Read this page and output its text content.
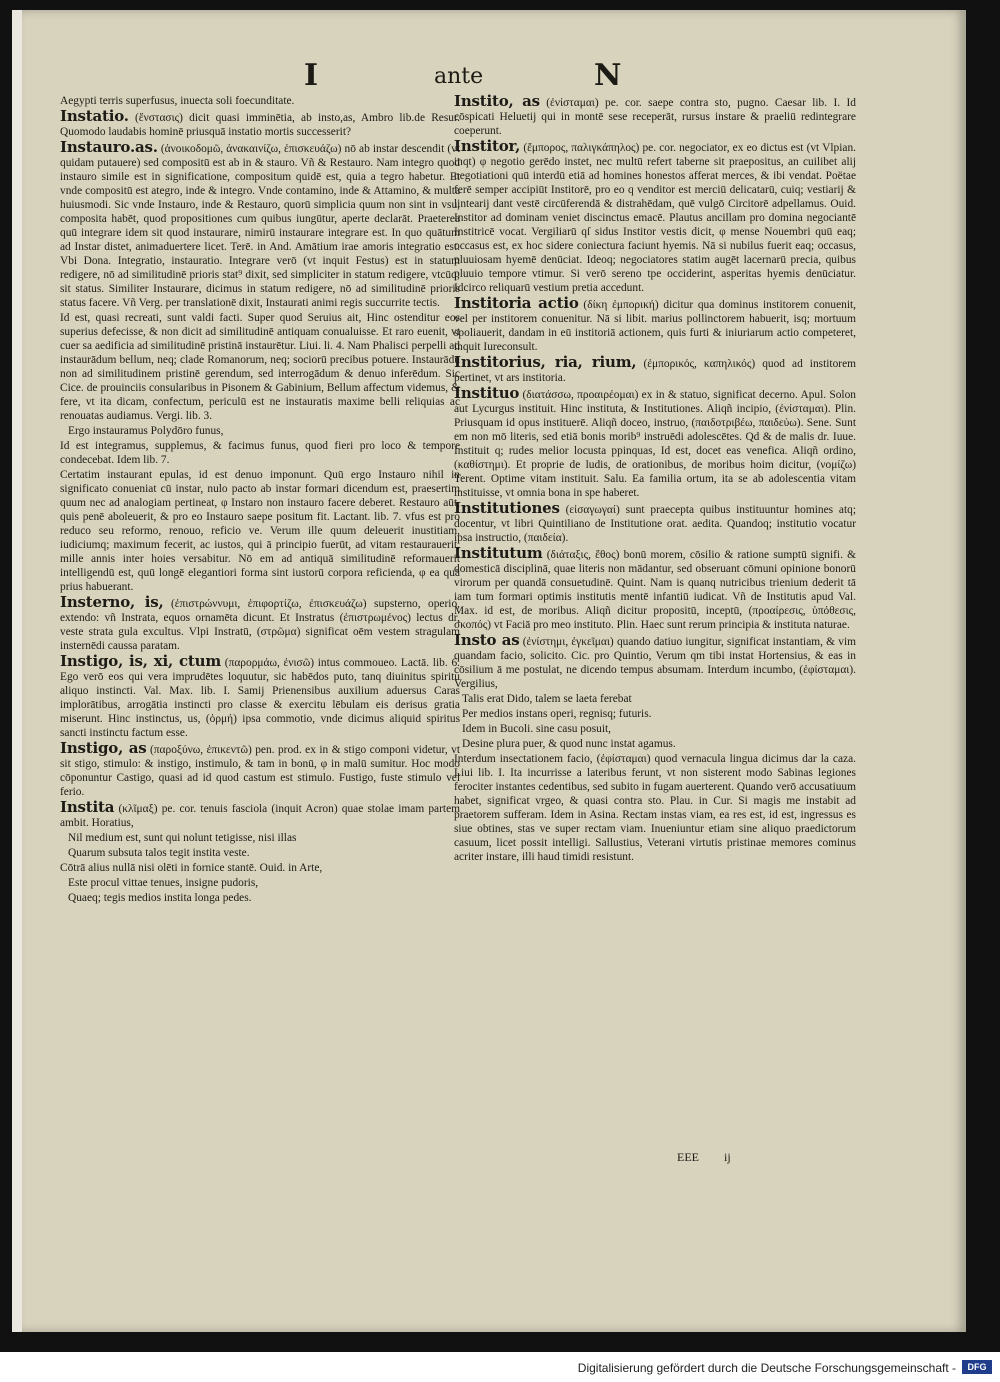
I	ante	N

Aegypti terris superfusus, inuecta soli foecunditate.

Instatio. (ἔνστασις) dicit quasi imminētia, ab insto,as, Ambro lib.de Resur. Quomodo laudabis hominē priusquā instatio mortis successerit?

Instauro.as. (ἀνοικοδομῶ, ἀνακαινίζω, ἐπισκευάζω) nō ab instar descendit (vt quidam putauere) sed compositū est ab in & stauro. Vñ & Restauro. Nam integro quod instauro simile est in significatione, compositum quidē est, quia a tegro habetur. Et vnde compositū est ategro, inde & integro. Vnde contamino, inde & Attamino, & multa huiusmodi. Sic vnde Instauro, inde & Restauro, quorū simplicia quum non sint in vsu, composita habēt, quod propositiones cum quibus iungūtur, aperte declarāt. Praeterea quū integrare idem sit quod instaurare, nimirū instaurare integrare est. In quo quātum ad Instar distet, animaduertere licet. Terē. in And. Amātium irae amoris integratio est. Vbi Dona. Integratio, instauratio. Integrare verō (vt inquit Festus) est in statum redigere, nō ad similitudinē prioris stat⁹ dixit, sed simpliciter in statum redigere, vtcūq; sit status. Similiter Instaurare, dicimus in statum redigere, nō ad similitudinē prioris status facere. Vñ Verg. per translationē dixit, Instaurati animi regis succurrite tectis.

Id est, quasi recreati, sunt valdi facti. Super quod Seruius ait, Hinc ostenditur eos superius defecisse, & non dicit ad similitudinē antiquam conualuisse. Et raro euenit, vt cuer sa aedificia ad similitudinē pristinā instaurētur. Liui. li. 4. Nam Phalisci perpelli ad instaurādum bellum, neq; clade Romanorum, neq; sociorū precibus potuere. Instaurādū non ad similitudinem pristinē gerendum, sed interrogādum & denuo inferēdum. Sic Cice. de prouinciis consularibus in Pisonem & Gabinium, Bellum affectum videmus, & fere, vt ita dicam, confectum, periculū est ne instauratis maxime belli reliquias ac renouatas audiamus. Vergi. lib. 3.

Ergo instauramus Polydōro funus,

Id est integramus, supplemus, & facimus funus, quod fieri pro loco & tempore condecebat. Idem lib. 7.

Certatim instaurant epulas, id est denuo imponunt. Quū ergo Instauro nihil in significato conueniat cū instar, nulo pacto ab instar formari dicendum est, praesertim quum nec ad analogiam pertineat, φ Instaro non instauro facere deberet. Restauro aūt, quis penē aboleuerit, & pro eo Instauro saepe positum fit. Lactant. lib. 7. vfus est pro reduco seu reformo, renouo, reficio ve. Verum ille quum deleuerit inustitiam, iudiciumq; maximum fecerit, ac iustos, qui ā principio fuerūt, ad vitam restaurauerit, mille annis inter hoies versabitur. Nō em ad antiquā similitudinē reformauerit intelligendū est, quū longē elegantiori forma sint iustorū corpora reficienda, φ ea quā prius habuerant.

Insterno, is, (ἐπιστρώννυμι, ἐπιφορτίζω, ἐπισκευάζω) supsterno, operio, extendo: vñ Instrata, equos ornamēta dicunt. Et Instratus (ἐπιστρωμένος) lectus dr, veste strata gula excultus. Vlpi Instratū, (στρῶμα) significat oēm vestem stragulam insternēdi caussa paratam.

Instigo, is, xi, ctum (παρορμάω, ἐνισῶ) intus commoueo. Lactā. lib. 6. Ego verō eos qui vera imprudētes loquutur, sic habēdos puto, tanq diuinitus spiritu aliquo instincti. Val. Max. lib. I. Samij Prienensibus auxilium aduersus Caras implorātibus, arrogātia instincti pro classe & exercitu lēbulam eis derisus gratia miserunt. Hinc instinctus, us, (ὁρμή) ipsa commotio, vnde dicimus aliquid spiritus sancti instinctu factum esse.

Instigo, as (παροξύνω, ἐπικεντῶ) pen. prod. ex in & stigo componi videtur, vt sit stigo, stimulo: & instigo, instimulo, & tam in bonū, φ in malū sumitur. Hoc modo cōponuntur Castigo, quasi ad id quod castum est stimulo. Fustigo, fuste stimulo vel ferio.

Instita (κλῖμαξ) pe. cor. tenuis fasciola (inquit Acron) quae stolae imam partem ambit. Horatius,

Nil medium est, sunt qui nolunt tetigisse, nisi illas

Quarum subsuta talos tegit instita veste.

Cōtrā alius nullā nisi olēti in fornice stantē. Ouid. in Arte,

Este procul vittae tenues, insigne pudoris,

Quaeq; tegis medios instita longa pedes.

Instito, as (ἐνίσταμαι) pe. cor. saepe contra sto, pugno. Caesar lib. I. Id cōspicati Heluetij qui in montē sese receperāt, rursus instare & praeliū redintegrare coeperunt.

Institor, (ἔμπορος, παλιγκάπηλος) pe. cor. negociator, ex eo dictus est (vt Vlpian. inqt) φ negotio gerēdo instet, nec multū refert taberne sit praepositus, an cuilibet alij negotiationi quū interdū etiā ad homines honestos afferat merces, & ibi vendat. Poëtae ferē semper accipiūt Institorē, pro eo q venditor est merciū delicatarū, cuiq; vestiarij & lintearij dant vestē circūferendā & distrahēdam, quē vulgō Circitorē adpellamus. Ouid. Institor ad dominam veniet discinctus emacē. Plautus ancillam pro domina negociantē Institricē vocat. Vergiliarū qſ sidus Institor vestis dicit, φ mense Nouembri quū eaq; occasus est, ex hoc sidere coniectura faciunt hyemis. Nā si nubilus fuerit eaq; occasus, pluuiosam hyemē denūciat. Ideoq; negociatores statim augēt lacernarū precia, quibus pluuio tempore vtimur. Si verō sereno tpe occiderint, asperitas hyemis denūciatur. Idcirco reliquarū vestium pretia accedunt.

Institoria actio (δίκη ἐμπορική) dicitur qua dominus institorem conuenit, vel per institorem conuenitur. Nā si libit. marius pollinctorem habuerit, isq; mortuum spoliauerit, dandam in eū institoriā actionem, quis furti & iniuriarum actio competeret, inquit Iureconsult.

Institorius, ria, rium, (ἐμπορικός, καπηλικός) quod ad institorem pertinet, vt ars institoria.

Instituo (διατάσσω, προαιρέομαι) ex in & statuo, significat decerno. Apul. Solon aut Lycurgus instituit. Hinc instituta, & Institutiones. Aliqñ incipio, (ἐνίσταμαι). Plin. Priusquam id opus instituerē. Aliqñ doceo, instruo, (παιδοτριβέω, παιδεύω). Sene. Sunt em non mō literis, sed etiā bonis morib⁹ instruēdi adolescētes. Qd & de malis dr. Iuue. Instituit q; rudes melior locusta ppinquas, Id est, docet eas venefica. Aliqñ ordino, (καθίστημι). Et proprie de ludis, de orationibus, de moribus hoim dicitur, (νομίζω) Terent. Optime vitam instituit. Salu. Ea familia ortum, ita se ab adolescentia vitam instituisse, vt omnia bona in spe haberet.

Institutiones (εἰσαγωγαί) sunt praecepta quibus instituuntur homines atq; docentur, vt libri Quintiliano de Institutione orat. aedita. Quandoq; institutio vocatur ipsa instructio, (παιδεία).

Institutum (διάταξις, ἔθος) bonū morem, cōsilio & ratione sumptū signifi. & domesticā disciplinā, quae literis non mādantur, sed obseruant cōmuni opinione bonorū virorum per quandā consuetudinē. Quint. Nam is quanq nutricibus trienium dederit tā iam tum formari optimis institutis mentē infantiū iudicat. Vñ de Institutis apud Val. Max. id est, de moribus. Aliqñ dicitur propositū, inceptū, (προαίρεσις, ὑπόθεσις, σκοπός) vt Faciā pro meo instituto. Plin. Haec sunt rerum principia & instituta naturae.

Insto as (ἐνίστημι, ἐγκεῖμαι) quando datiuo iungitur, significat instantiam, & vim quandam facio, solicito. Cic. pro Quintio, Verum qm tibi instat Hortensius, & eas in cōsilium ā me postulat, ne dicendo tempus absumam. Interdum incumbo, (ἐφίσταμαι). Vergilius,

Talis erat Dido, talem se laeta ferebat

Per medios instans operi, regnisq; futuris.

Idem in Bucoli. sine casu posuit,

Desine plura puer, & quod nunc instat agamus.

Interdum insectationem facio, (ἐφίσταμαι) quod vernacula lingua dicimus dar la caza. Liui lib. I. Ita incurrisse a lateribus ferunt, vt non sisterent modo Sabinas legiones ferociter instantes cedentibus, sed subito in fugam auerterent. Quando verō accusatiuum habet, significat vrgeo, & quasi contra sto. Plau. in Cur. Si magis me instabit ad praetorem sufferam. Idem in Asina. Rectam instas viam, ea res est, id est, ingressus es siue obtines, stas ve super rectam viam. Inueniuntur etiam sine aliquo praedictorum casuum, licet possit intelligi. Sallustius, Veterani virtutis pristinae memores cominus acriter instare, illi haud timidi resistunt.

EEE ij
Digitalisierung gefördert durch die Deutsche Forschungsgemeinschaft -	DFG
